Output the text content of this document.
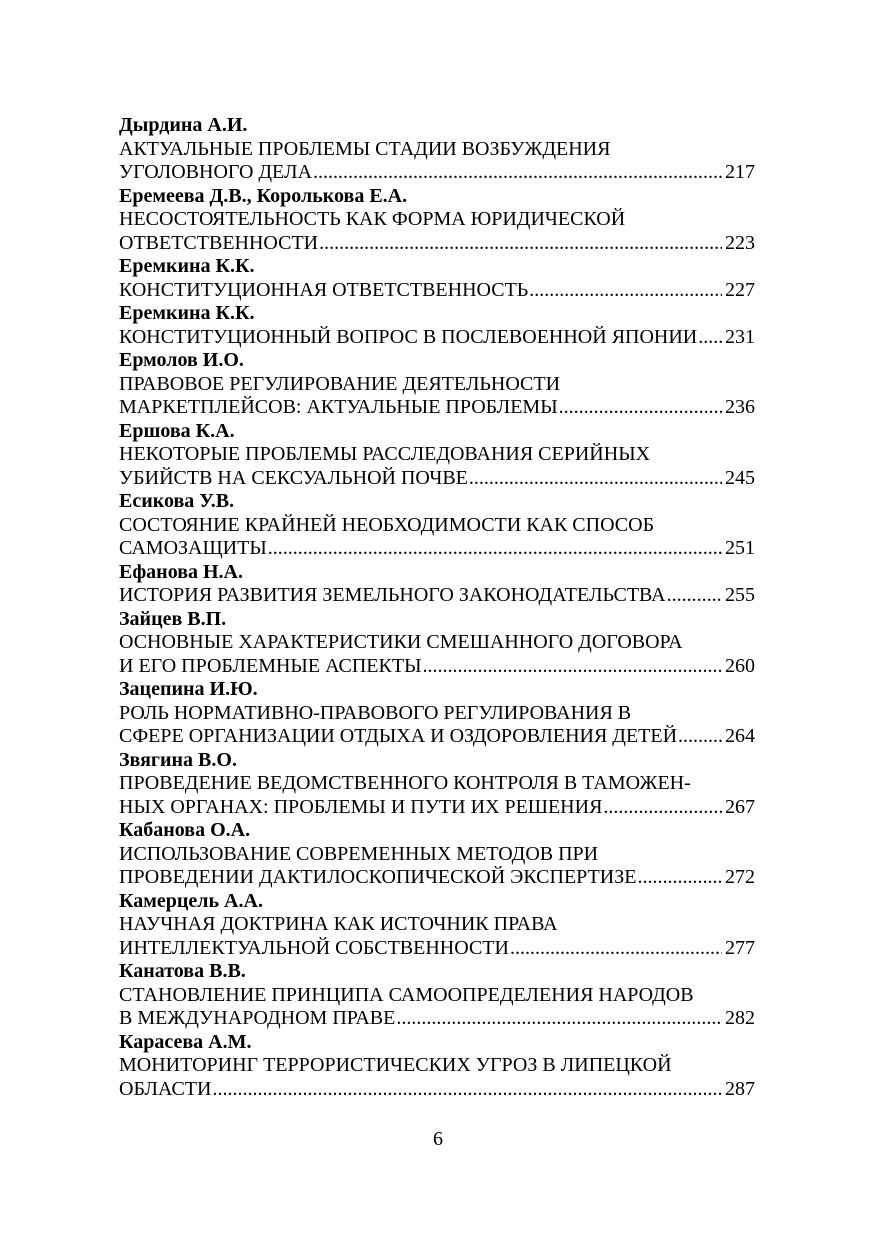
Дырдина А.И.
АКТУАЛЬНЫЕ ПРОБЛЕМЫ СТАДИИ ВОЗБУЖДЕНИЯ
УГОЛОВНОГО ДЕЛА .....	217
Еремеева Д.В., Королькова Е.А.
НЕСОСТОЯТЕЛЬНОСТЬ КАК ФОРМА ЮРИДИЧЕСКОЙ
ОТВЕТСТВЕННОСТИ .....	223
Еремкина К.К.
КОНСТИТУЦИОННАЯ ОТВЕТСТВЕННОСТЬ .....	227
Еремкина К.К.
КОНСТИТУЦИОННЫЙ ВОПРОС В ПОСЛЕВОЕННОЙ ЯПОНИИ ..... 231
Ермолов И.О.
ПРАВОВОЕ РЕГУЛИРОВАНИЕ ДЕЯТЕЛЬНОСТИ
МАРКЕТПЛЕЙСОВ: АКТУАЛЬНЫЕ ПРОБЛЕМЫ .....	236
Ершова К.А.
НЕКОТОРЫЕ ПРОБЛЕМЫ РАССЛЕДОВАНИЯ СЕРИЙНЫХ
УБИЙСТВ НА СЕКСУАЛЬНОЙ ПОЧВЕ .....	245
Есикова У.В.
СОСТОЯНИЕ КРАЙНЕЙ НЕОБХОДИМОСТИ КАК СПОСОБ
САМОЗАЩИТЫ .....	251
Ефанова Н.А.
ИСТОРИЯ РАЗВИТИЯ ЗЕМЕЛЬНОГО ЗАКОНОДАТЕЛЬСТВА .....	255
Зайцев В.П.
ОСНОВНЫЕ ХАРАКТЕРИСТИКИ СМЕШАННОГО ДОГОВОРА
И ЕГО ПРОБЛЕМНЫЕ АСПЕКТЫ .....	260
Зацепина И.Ю.
РОЛЬ НОРМАТИВНО-ПРАВОВОГО РЕГУЛИРОВАНИЯ В
СФЕРЕ ОРГАНИЗАЦИИ ОТДЫХА И ОЗДОРОВЛЕНИЯ ДЕТЕЙ ..... 264
Звягина В.О.
ПРОВЕДЕНИЕ ВЕДОМСТВЕННОГО КОНТРОЛЯ В ТАМОЖЕН-
НЫХ ОРГАНАХ: ПРОБЛЕМЫ И ПУТИ ИХ РЕШЕНИЯ .....	267
Кабанова О.А.
ИСПОЛЬЗОВАНИЕ СОВРЕМЕННЫХ МЕТОДОВ ПРИ
ПРОВЕДЕНИИ ДАКТИЛОСКОПИЧЕСКОЙ ЭКСПЕРТИЗЕ .....	272
Камерцель А.А.
НАУЧНАЯ ДОКТРИНА КАК ИСТОЧНИК ПРАВА
ИНТЕЛЛЕКТУАЛЬНОЙ СОБСТВЕННОСТИ .....	277
Канатова В.В.
СТАНОВЛЕНИЕ ПРИНЦИПА САМООПРЕДЕЛЕНИЯ НАРОДОВ
В МЕЖДУНАРОДНОМ ПРАВЕ .....	282
Карасева А.М.
МОНИТОРИНГ ТЕРРОРИСТИЧЕСКИХ УГРОЗ В ЛИПЕЦКОЙ
ОБЛАСТИ .....	287
6
